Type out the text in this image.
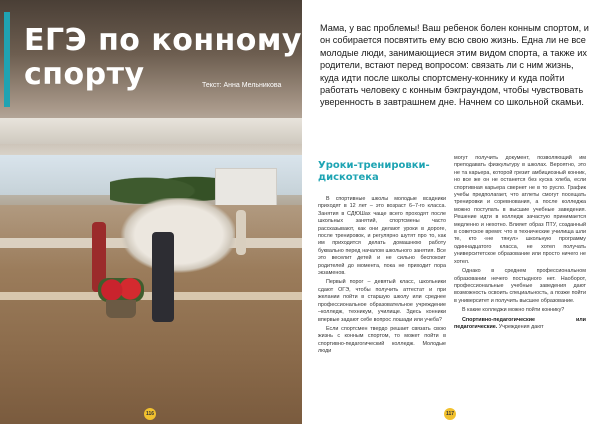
ЕГЭ по конному спорту	Текст: Анна Мельникова
116
Мама, у вас проблемы! Ваш ребенок болен конным спортом, и он собирается посвятить ему всю свою жизнь. Една ли не все молодые люди, занимающиеся этим видом спорта, а также их родители, встают перед вопросом: связать ли с ним жизнь, куда идти после школы спортсмену-коннику и куда пойти работать человеку с конным бэкграундом, чтобы чувствовать уверенность в завтрашнем дне. Начнем со школьной скамьи.
Уроки-тренировки-дискотека

В спортивные школы молодые всадники приходят в 12 лет – это возраст 6–7-го класса. Занятия в СДЮШах чаще всего проходят после школьных занятий, спортсмены часто рассказывают, как они делают уроки в дороге, после тренировок, и регулярно шутят про то, как им приходится делать домашнюю работу буквально перед началом школьного занятия. Все это веселит детей и не сильно беспокоит родителей до момента, пока не приходит пора экзаменов.

Первый порог – девятый класс, школьники сдают ОГЭ, чтобы получить аттестат и при желании пойти в старшую школу или среднее профессиональное образовательное учреждение –колледж, техникум, училище. Здесь конники впервые задают себе вопрос лошади или учеба?

Если спортсмен твердо решает связать свою жизнь с конным спортом, то может пойти в спортивно-педагогический колледж. Молодые люди

могут получить документ, позволяющий им преподавать физкультуру в школах. Вероятно, это не та карьера, которой грезит амбициозный конник, но все же он не останется без куска хлеба, если спортивная карьера свернет не в то русло. График учебы предполагает, что атлеты смогут посещать тренировки и соревнования, а после колледжа можно поступать в высшие учебные заведения. Решение идти в колледж зачастую принимается медленно и нехотно. Влияет образ ПТУ, созданный в советское время: что в технические училища шли те, кто «не тянул» школьную программу одиннадцатого класса, не хотел получать университетское образование или просто ничего не хотел.

Однако в среднем профессиональном образовании нечего постыдного нет. Наоборот, профессиональные учебные заведения дают возможность освоить специальность, а позже пойти в университет и получить высшее образование.

В какие колледжи можно пойти коннику?

Спортивно-педагогические или педагогические. Учреждения дают

117
